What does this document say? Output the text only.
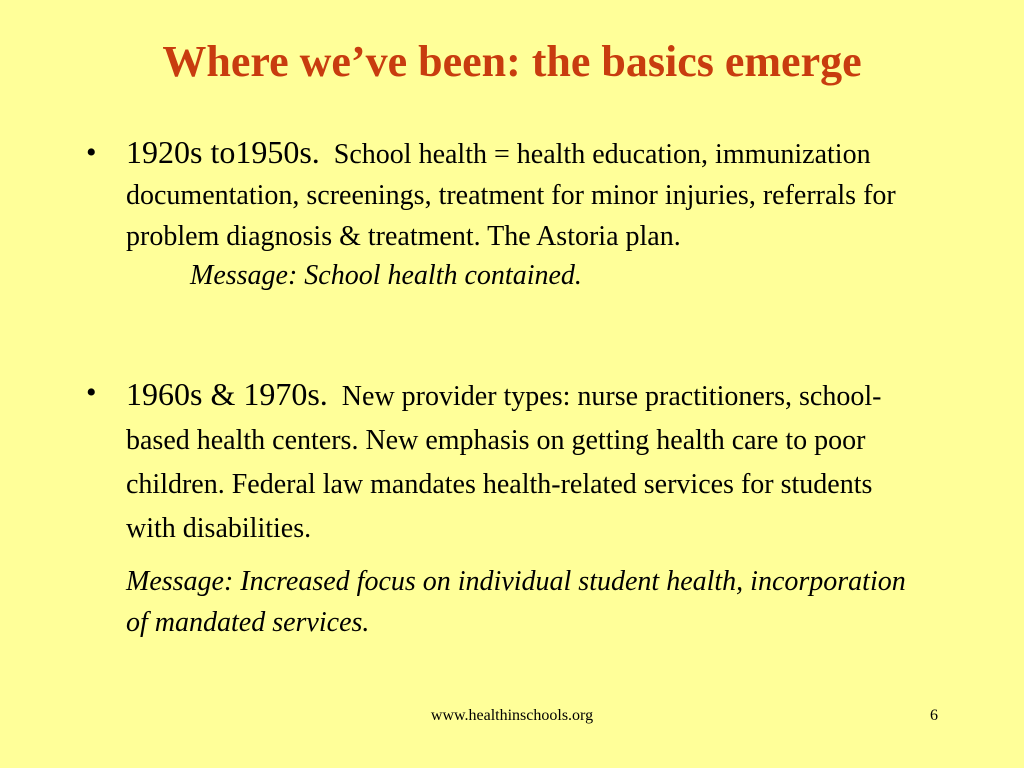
Where we’ve been: the basics emerge
• 1920s to1950s. School health = health education, immunization documentation, screenings, treatment for minor injuries, referrals for problem diagnosis & treatment. The Astoria plan.
Message: School health contained.
• 1960s & 1970s. New provider types: nurse practitioners, school-based health centers. New emphasis on getting health care to poor children. Federal law mandates health-related services for students with disabilities.
Message: Increased focus on individual student health, incorporation of mandated services.
www.healthinschools.org	6
